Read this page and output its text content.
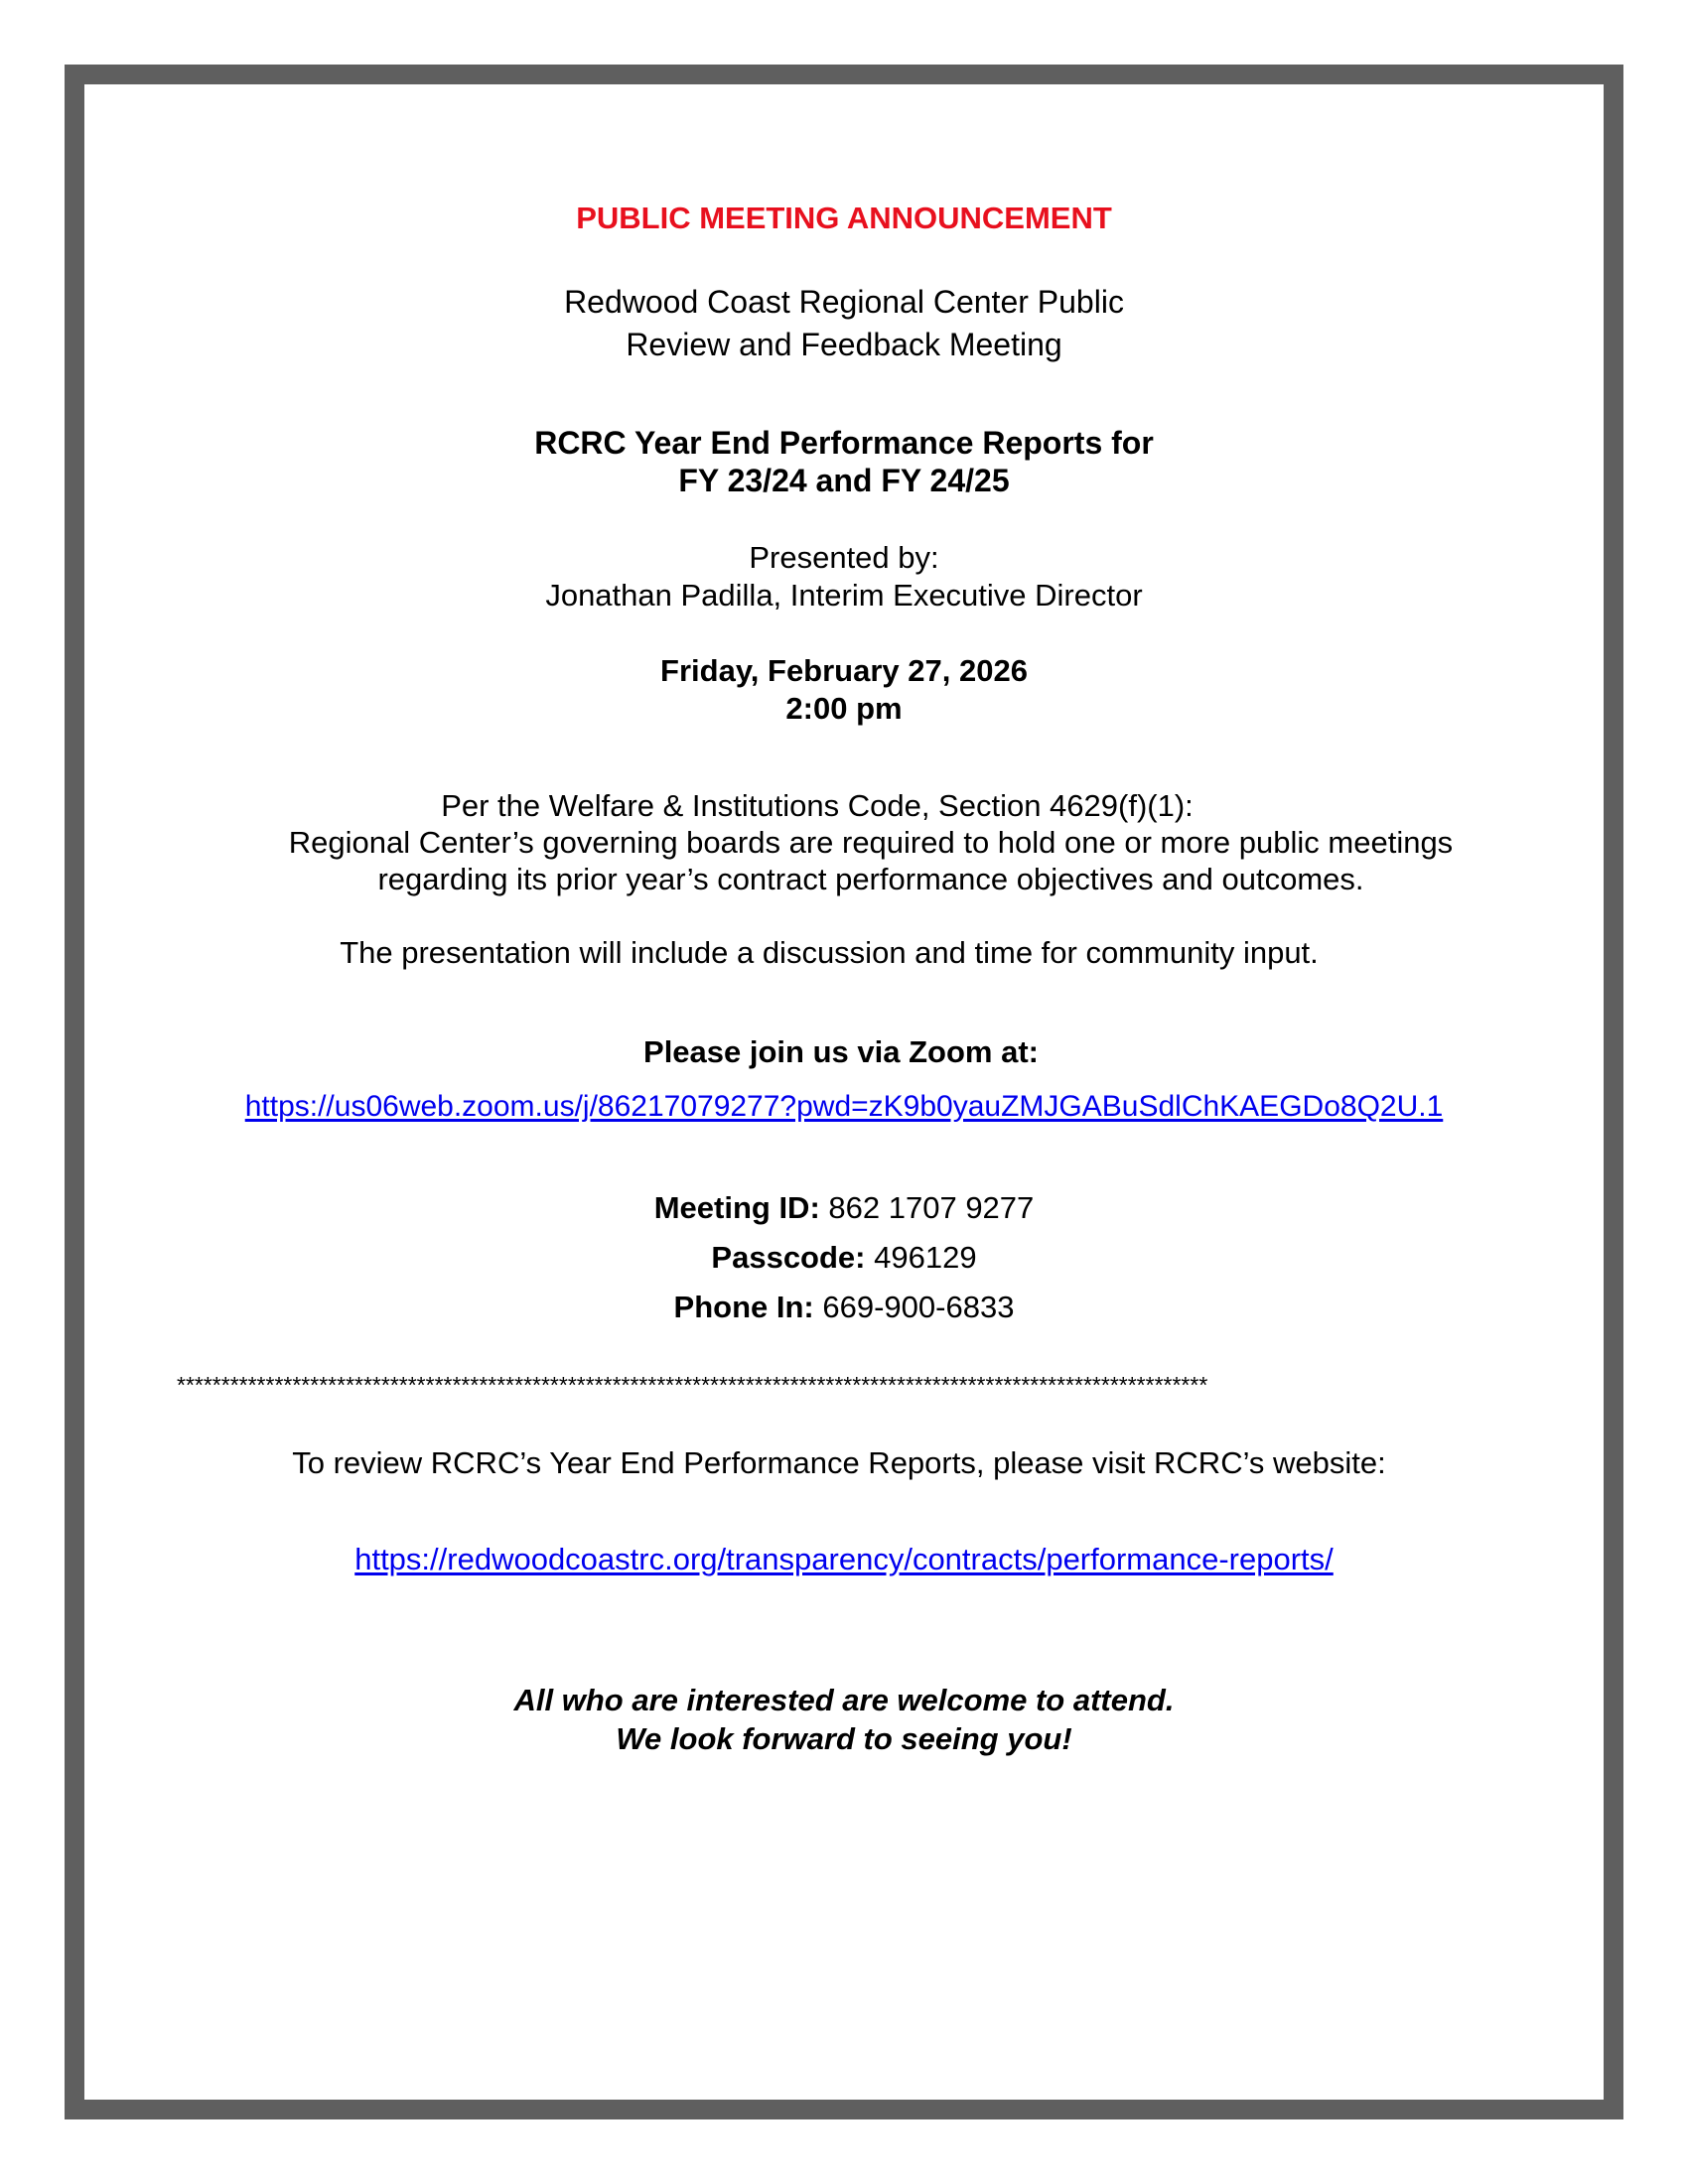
PUBLIC MEETING ANNOUNCEMENT
Redwood Coast Regional Center Public
Review and Feedback Meeting
RCRC Year End Performance Reports for
FY 23/24 and FY 24/25
Presented by:
Jonathan Padilla, Interim Executive Director
Friday, February 27, 2026
2:00 pm
Per the Welfare & Institutions Code, Section 4629(f)(1):
Regional Center’s governing boards are required to hold one or more public meetings
regarding its prior year’s contract performance objectives and outcomes.
The presentation will include a discussion and time for community input.
Please join us via Zoom at:
https://us06web.zoom.us/j/86217079277?pwd=zK9b0yauZMJGABuSdlChKAEGDo8Q2U.1
Meeting ID: 862 1707 9277
Passcode: 496129
Phone In: 669-900-6833
********************************************************************************************************************
To review RCRC’s Year End Performance Reports, please visit RCRC’s website:
https://redwoodcoastrc.org/transparency/contracts/performance-reports/
All who are interested are welcome to attend.
We look forward to seeing you!
